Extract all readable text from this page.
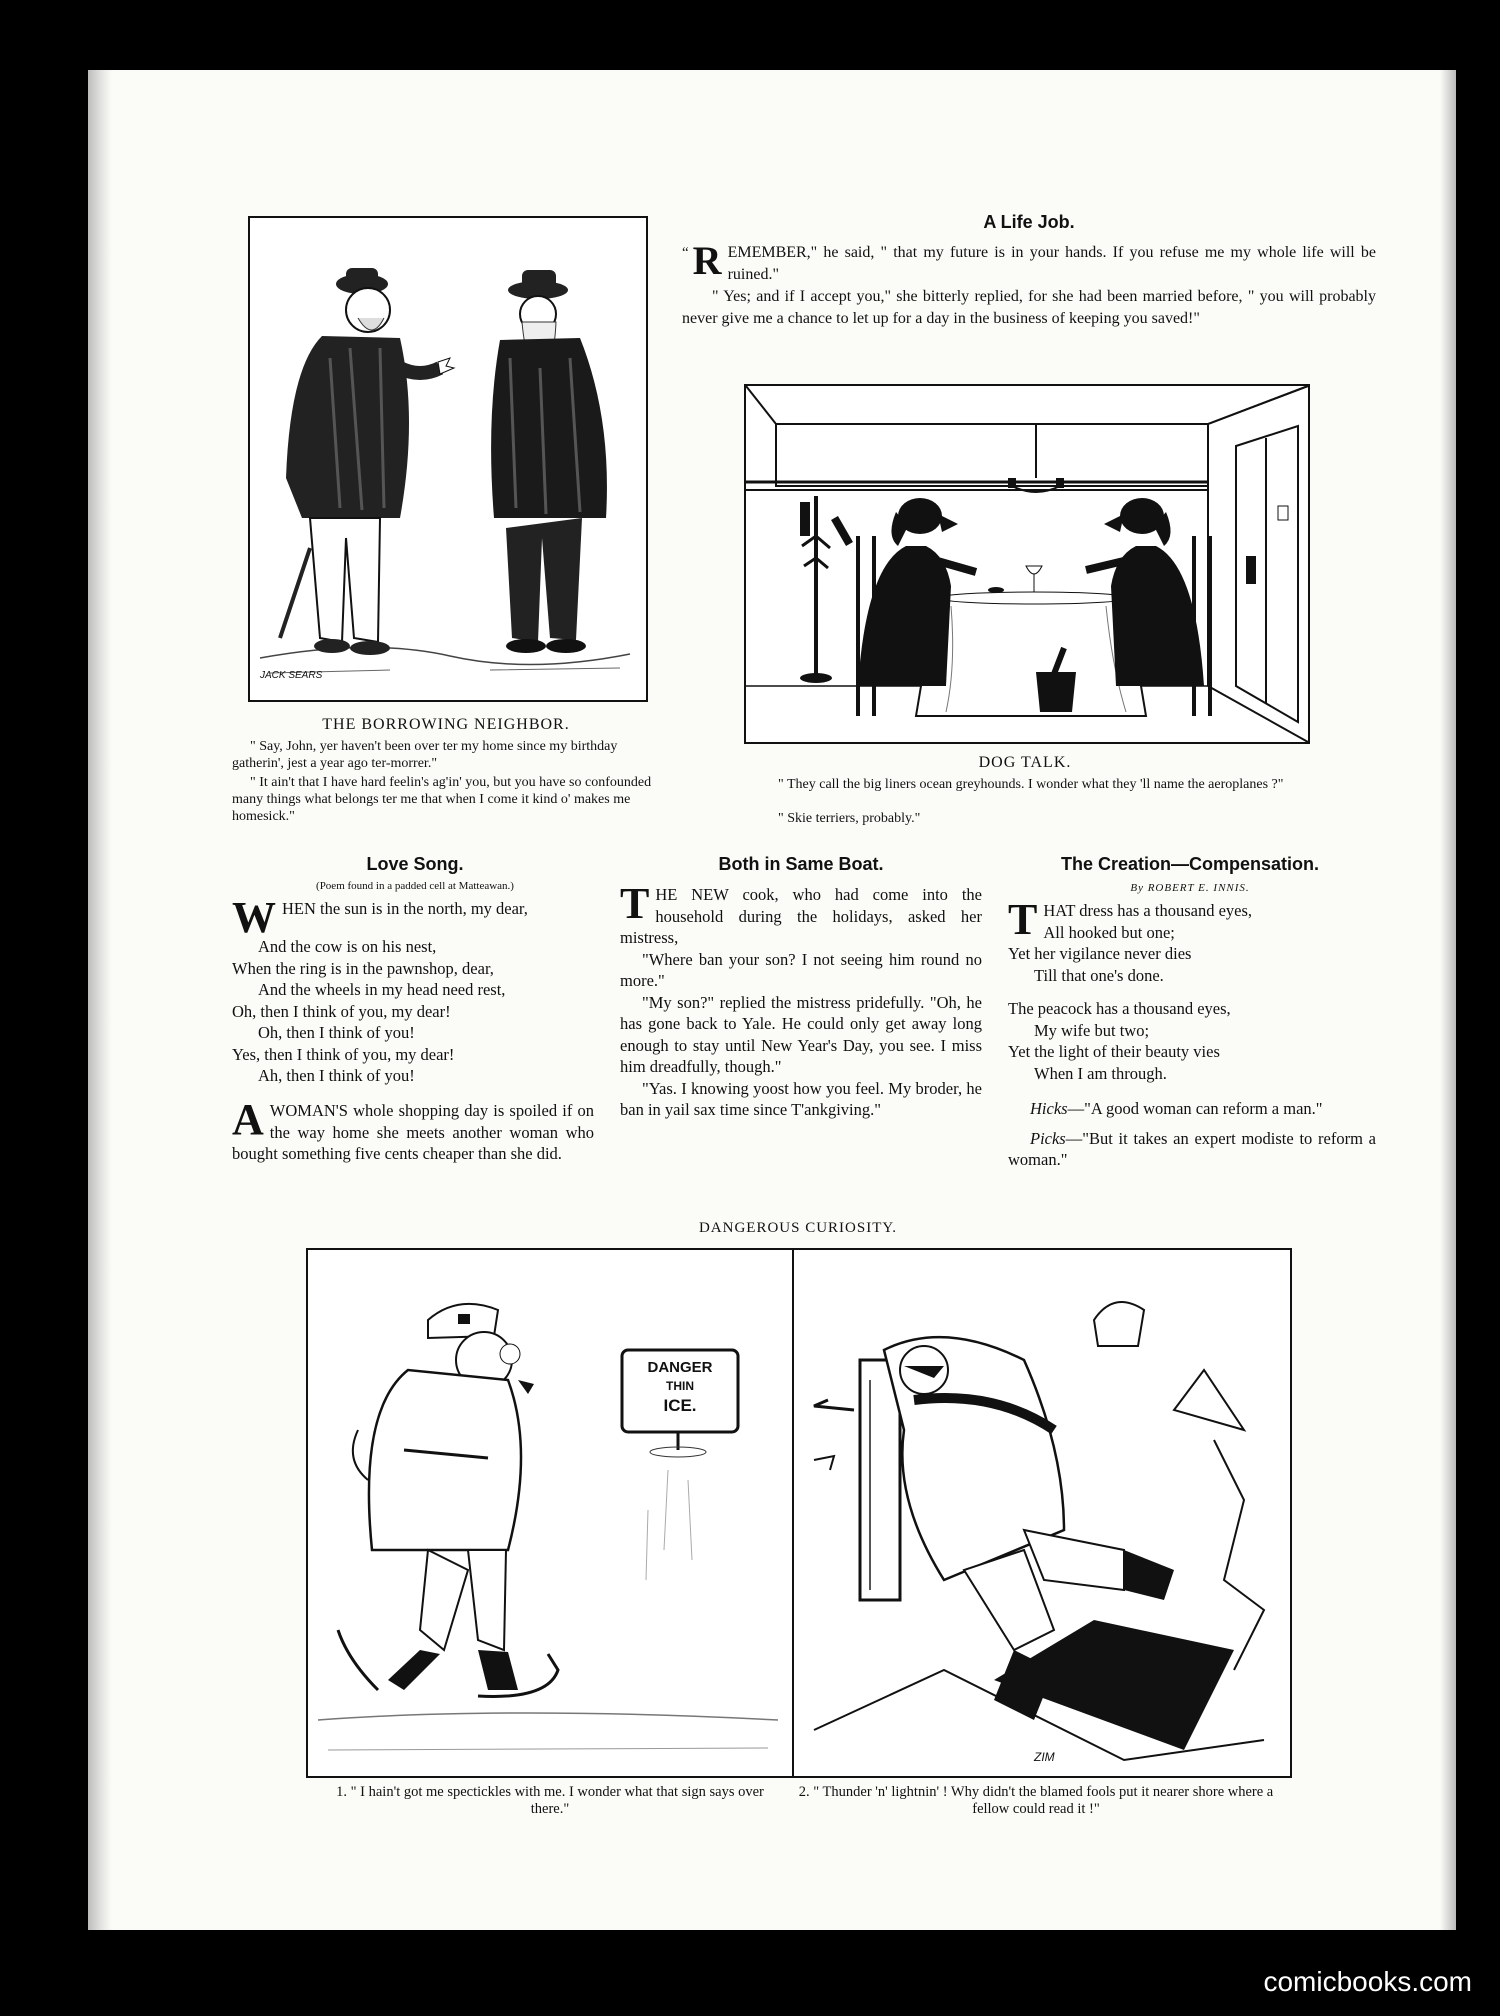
JACK SEARS
THE BORROWING NEIGHBOR.
" Say, John, yer haven't been over ter my home since my birthday gatherin', jest a year ago ter-morrer."
" It ain't that I have hard feelin's ag'in' you, but you have so confounded many things what belongs ter me that when I come it kind o' makes me homesick."
A Life Job.

“ R EMEMBER," he said, " that my future is in your hands. If you refuse me my whole life will be ruined."

" Yes; and if I accept you," she bitterly replied, for she had been married before, " you will probably never give me a chance to let up for a day in the business of keeping you saved!"

DOG TALK.
" They call the big liners ocean greyhounds. I wonder what they 'll name the aeroplanes ?"
" Skie terriers, probably."
Love Song.
(Poem found in a padded cell at Matteawan.)

WHEN the sun is in the north, my dear,

And the cow is on his nest,

When the ring is in the pawnshop, dear,

And the wheels in my head need rest,

Oh, then I think of you, my dear!

Oh, then I think of you!

Yes, then I think of you, my dear!

Ah, then I think of you!

AWOMAN'S whole shopping day is spoiled if on the way home she meets another woman who bought something five cents cheaper than she did.

Both in Same Boat.

THE NEW cook, who had come into the household during the holidays, asked her mistress,

"Where ban your son? I not seeing him round no more."

"My son?" replied the mistress pridefully. "Oh, he has gone back to Yale. He could only get away long enough to stay until New Year's Day, you see. I miss him dreadfully, though."

"Yas. I knowing yoost how you feel. My broder, he ban in yail sax time since T'ankgiving."

The Creation—Compensation.
By ROBERT E. INNIS.

THAT dress has a thousand eyes,

All hooked but one;

Yet her vigilance never dies

Till that one's done.

The peacock has a thousand eyes,

My wife but two;

Yet the light of their beauty vies

When I am through.

Hicks—"A good woman can reform a man."

Picks—"But it takes an expert modiste to reform a woman."

DANGEROUS CURIOSITY.
DANGER
THIN
ICE.
ZIM
1. " I hain't got me spectickles with me. I wonder what that sign says over there."
2. " Thunder 'n' lightnin' ! Why didn't the blamed fools put it nearer shore where a fellow could read it !"
comicbooks.com
